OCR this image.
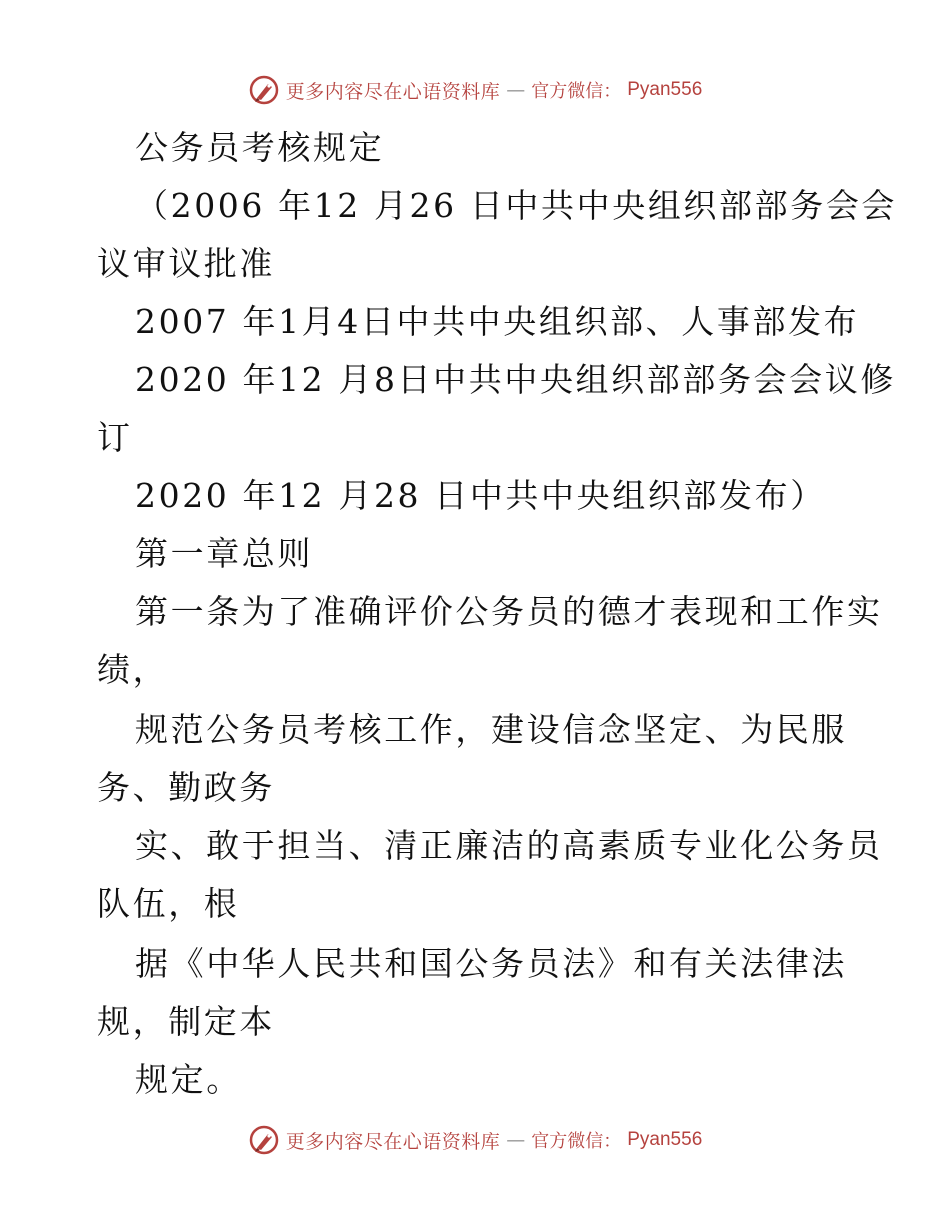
更多内容尽在心语资料库 — 官方微信： Pyan556
公务员考核规定
（2006 年12 月26 日中共中央组织部部务会会
议审议批准
2007 年1月4日中共中央组织部、人事部发布
2020 年12 月8日中共中央组织部部务会会议修
订
2020 年12 月28 日中共中央组织部发布）
第一章总则
第一条为了准确评价公务员的德才表现和工作实
绩，
规范公务员考核工作，建设信念坚定、为民服
务、勤政务
实、敢于担当、清正廉洁的高素质专业化公务员
队伍，根
据《中华人民共和国公务员法》和有关法律法
规，制定本
规定。
更多内容尽在心语资料库 — 官方微信： Pyan556
